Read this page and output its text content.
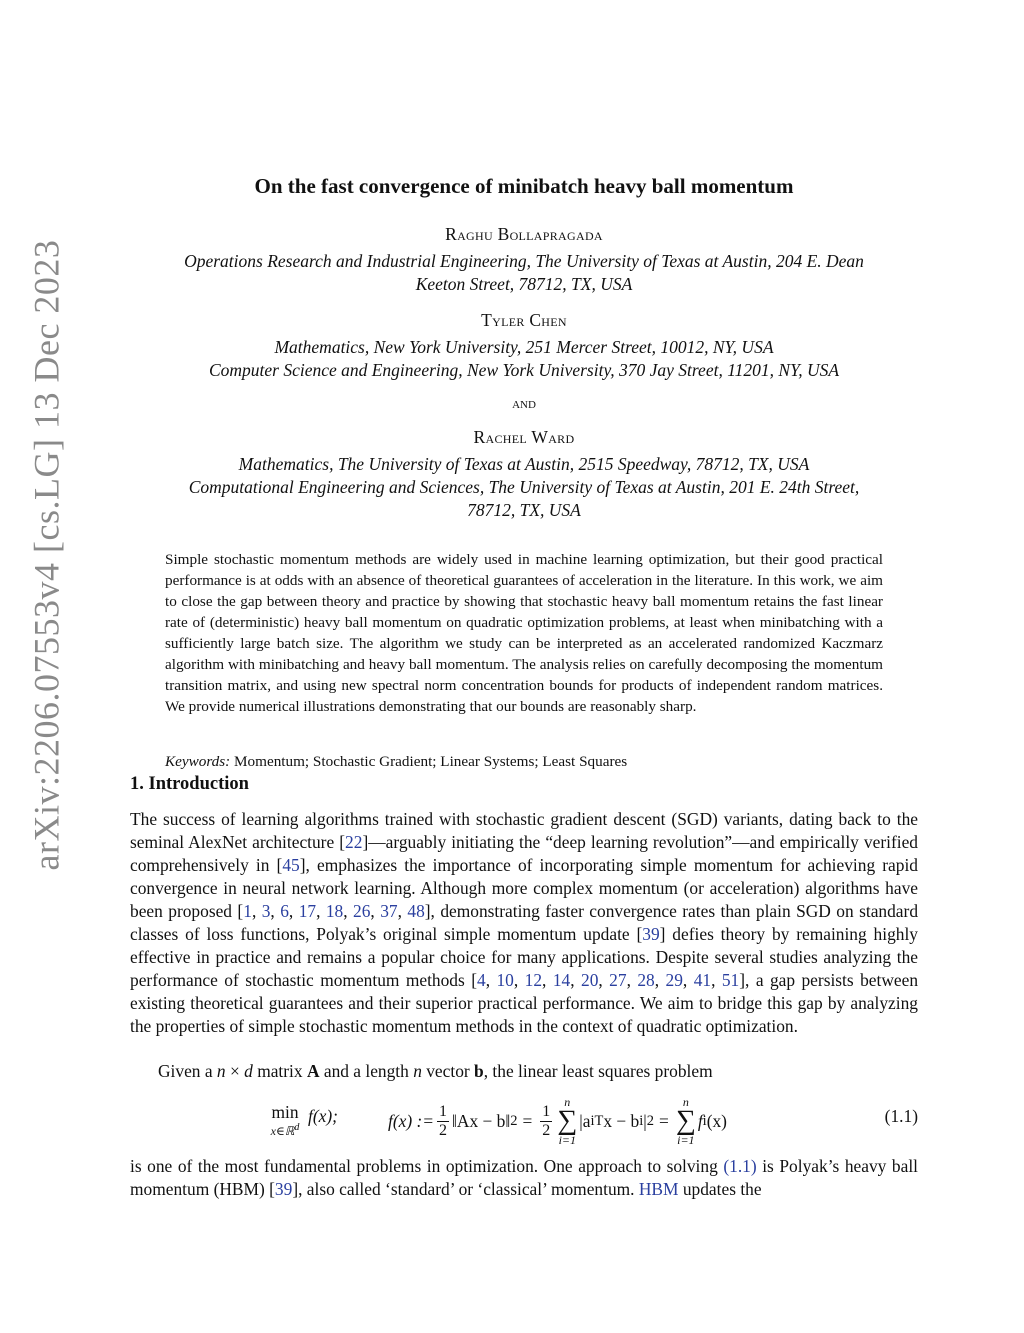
arXiv:2206.07553v4 [cs.LG] 13 Dec 2023
On the fast convergence of minibatch heavy ball momentum
Raghu Bollapragada

Operations Research and Industrial Engineering, The University of Texas at Austin, 204 E. Dean

Keeton Street, 78712, TX, USA

Tyler Chen

Mathematics, New York University, 251 Mercer Street, 10012, NY, USA

Computer Science and Engineering, New York University, 370 Jay Street, 11201, NY, USA

and
Rachel Ward

Mathematics, The University of Texas at Austin, 2515 Speedway, 78712, TX, USA

Computational Engineering and Sciences, The University of Texas at Austin, 201 E. 24th Street,

78712, TX, USA

Simple stochastic momentum methods are widely used in machine learning optimization, but their good practical performance is at odds with an absence of theoretical guarantees of acceleration in the literature. In this work, we aim to close the gap between theory and practice by showing that stochastic heavy ball momentum retains the fast linear rate of (deterministic) heavy ball momentum on quadratic optimization problems, at least when minibatching with a sufficiently large batch size. The algorithm we study can be interpreted as an accelerated randomized Kaczmarz algorithm with minibatching and heavy ball momentum. The analysis relies on carefully decomposing the momentum transition matrix, and using new spectral norm concentration bounds for products of independent random matrices. We provide numerical illustrations demonstrating that our bounds are reasonably sharp.

Keywords: Momentum; Stochastic Gradient; Linear Systems; Least Squares

1. Introduction

The success of learning algorithms trained with stochastic gradient descent (SGD) variants, dating back to the seminal AlexNet architecture [22]—arguably initiating the “deep learning revolution”—and empirically verified comprehensively in [45], emphasizes the importance of incorporating simple momentum for achieving rapid convergence in neural network learning. Although more complex momentum (or acceleration) algorithms have been proposed [1, 3, 6, 17, 18, 26, 37, 48], demonstrating faster convergence rates than plain SGD on standard classes of loss functions, Polyak’s original simple momentum update [39] defies theory by remaining highly effective in practice and remains a popular choice for many applications. Despite several studies analyzing the performance of stochastic momentum methods [4, 10, 12, 14, 20, 27, 28, 29, 41, 51], a gap persists between existing theoretical guarantees and their superior practical performance. We aim to bridge this gap by analyzing the properties of simple stochastic momentum methods in the context of quadratic optimization.

Given a n × d matrix A and a length n vector b, the linear least squares problem

min
x∈ℝ$^d$
f(x);	f(x) := $\frac{1}{2}$ ‖Ax − b‖ $2 = \frac{1}{2}$
n
∑
i=1
|a i T x − b i | 2 =
n
∑
i=1
f i (x)	(1.1)

is one of the most fundamental problems in optimization. One approach to solving (1.1) is Polyak’s heavy ball momentum (HBM) [39], also called ‘standard’ or ‘classical’ momentum. HBM updates the
